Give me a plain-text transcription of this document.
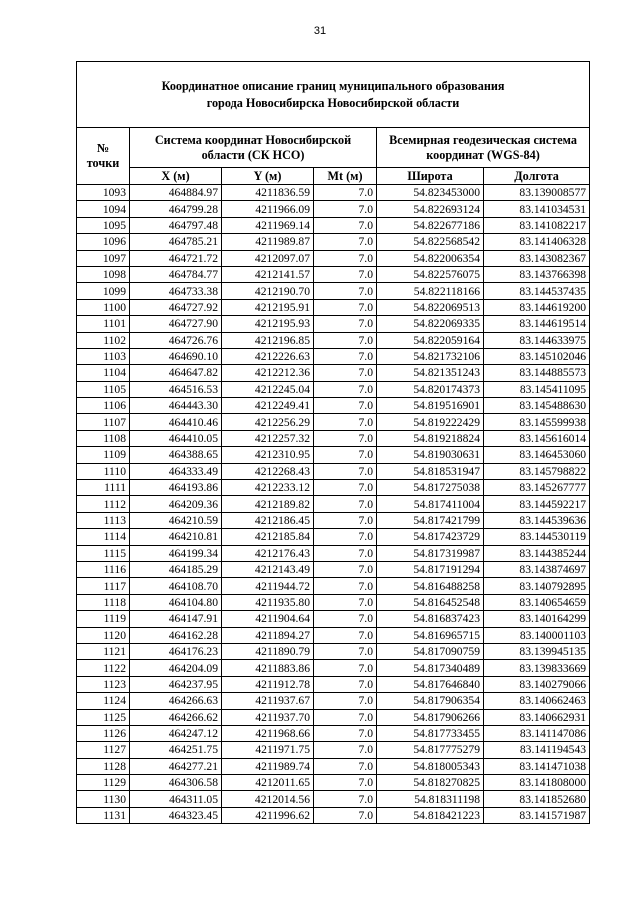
31
Координатное описание границ муниципального образования
города Новосибирска Новосибирской области					

№ точки	Система координат Новосибирской области (СК НСО)			Всемирная геодезическая система координат (WGS-84)	
	X (м)	Y (м)	Mt (м)	Широта	Долгота
1093	464884.97	4211836.59	7.0	54.823453000	83.139008577
1094	464799.28	4211966.09	7.0	54.822693124	83.141034531
1095	464797.48	4211969.14	7.0	54.822677186	83.141082217
1096	464785.21	4211989.87	7.0	54.822568542	83.141406328
1097	464721.72	4212097.07	7.0	54.822006354	83.143082367
1098	464784.77	4212141.57	7.0	54.822576075	83.143766398
1099	464733.38	4212190.70	7.0	54.822118166	83.144537435
1100	464727.92	4212195.91	7.0	54.822069513	83.144619200
1101	464727.90	4212195.93	7.0	54.822069335	83.144619514
1102	464726.76	4212196.85	7.0	54.822059164	83.144633975
1103	464690.10	4212226.63	7.0	54.821732106	83.145102046
1104	464647.82	4212212.36	7.0	54.821351243	83.144885573
1105	464516.53	4212245.04	7.0	54.820174373	83.145411095
1106	464443.30	4212249.41	7.0	54.819516901	83.145488630
1107	464410.46	4212256.29	7.0	54.819222429	83.145599938
1108	464410.05	4212257.32	7.0	54.819218824	83.145616014
1109	464388.65	4212310.95	7.0	54.819030631	83.146453060
1110	464333.49	4212268.43	7.0	54.818531947	83.145798822
1111	464193.86	4212233.12	7.0	54.817275038	83.145267777
1112	464209.36	4212189.82	7.0	54.817411004	83.144592217
1113	464210.59	4212186.45	7.0	54.817421799	83.144539636
1114	464210.81	4212185.84	7.0	54.817423729	83.144530119
1115	464199.34	4212176.43	7.0	54.817319987	83.144385244
1116	464185.29	4212143.49	7.0	54.817191294	83.143874697
1117	464108.70	4211944.72	7.0	54.816488258	83.140792895
1118	464104.80	4211935.80	7.0	54.816452548	83.140654659
1119	464147.91	4211904.64	7.0	54.816837423	83.140164299
1120	464162.28	4211894.27	7.0	54.816965715	83.140001103
1121	464176.23	4211890.79	7.0	54.817090759	83.139945135
1122	464204.09	4211883.86	7.0	54.817340489	83.139833669
1123	464237.95	4211912.78	7.0	54.817646840	83.140279066
1124	464266.63	4211937.67	7.0	54.817906354	83.140662463
1125	464266.62	4211937.70	7.0	54.817906266	83.140662931
1126	464247.12	4211968.66	7.0	54.817733455	83.141147086
1127	464251.75	4211971.75	7.0	54.817775279	83.141194543
1128	464277.21	4211989.74	7.0	54.818005343	83.141471038
1129	464306.58	4212011.65	7.0	54.818270825	83.141808000
1130	464311.05	4212014.56	7.0	54.818311198	83.141852680
1131	464323.45	4211996.62	7.0	54.818421223	83.141571987
